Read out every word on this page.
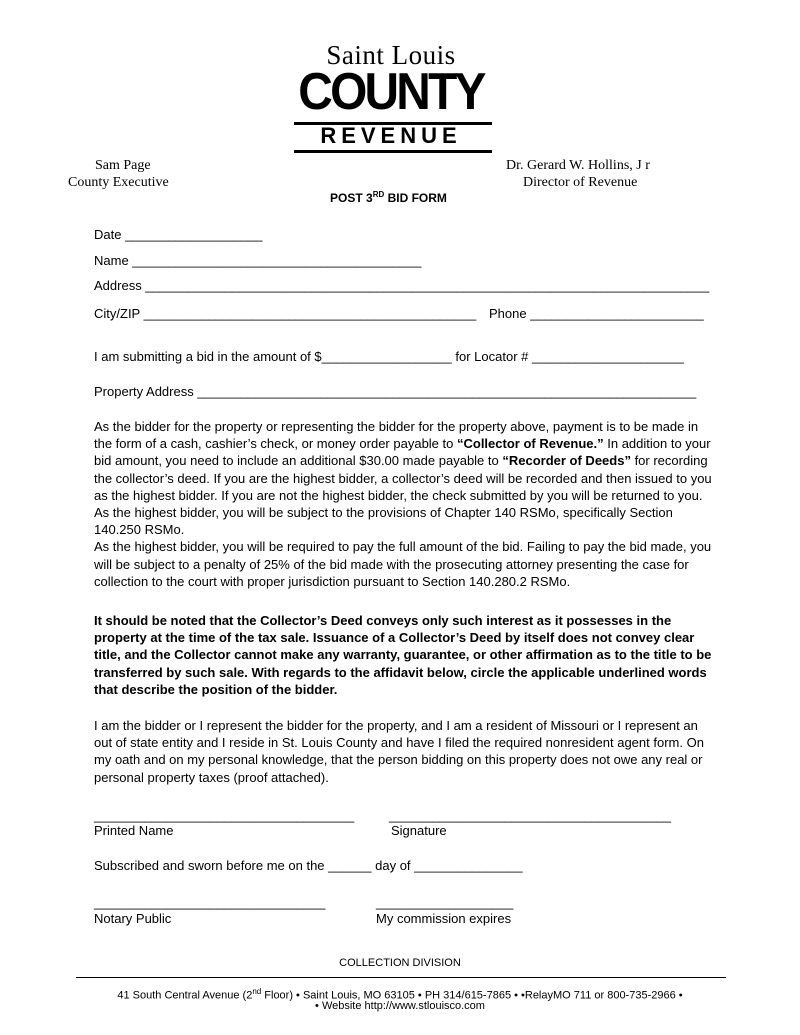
Saint Louis
COUNTY
REVENUE
Sam Page
County Executive
Dr. Gerard W. Hollins, J r
Director of Revenue
POST 3RD BID FORM
Date ___________________
Name ________________________________________
Address ______________________________________________________________________________
City/ZIP ______________________________________________ Phone ________________________
I am submitting a bid in the amount of $__________________ for Locator # _____________________
Property Address _____________________________________________________________________

As the bidder for the property or representing the bidder for the property above, payment is to be made in the form of a cash, cashier’s check, or money order payable to “Collector of Revenue.” In addition to your bid amount, you need to include an additional $30.00 made payable to “Recorder of Deeds” for recording the collector’s deed. If you are the highest bidder, a collector’s deed will be recorded and then issued to you as the highest bidder. If you are not the highest bidder, the check submitted by you will be returned to you. As the highest bidder, you will be subject to the provisions of Chapter 140 RSMo, specifically Section 140.250 RSMo.

As the highest bidder, you will be required to pay the full amount of the bid. Failing to pay the bid made, you will be subject to a penalty of 25% of the bid made with the prosecuting attorney presenting the case for collection to the court with proper jurisdiction pursuant to Section 140.280.2 RSMo.

It should be noted that the Collector’s Deed conveys only such interest as it possesses in the property at the time of the tax sale. Issuance of a Collector’s Deed by itself does not convey clear title, and the Collector cannot make any warranty, guarantee, or other affirmation as to the title to be transferred by such sale. With regards to the affidavit below, circle the applicable underlined words that describe the position of the bidder.
I am the bidder or I represent the bidder for the property, and I am a resident of Missouri or I represent an out of state entity and I reside in St. Louis County and have I filed the required nonresident agent form. On my oath and on my personal knowledge, that the person bidding on this property does not owe any real or personal property taxes (proof attached).
____________________________________	_______________________________________
Printed Name	Signature
Subscribed and sworn before me on the ______ day of _______________
________________________________	___________________
Notary Public	My commission expires
COLLECTION DIVISION
41 South Central Avenue (2nd Floor) • Saint Louis, MO 63105 • PH 314/615-7865 • •RelayMO 711 or 800-735-2966 •
• Website http://www.stlouisco.com
